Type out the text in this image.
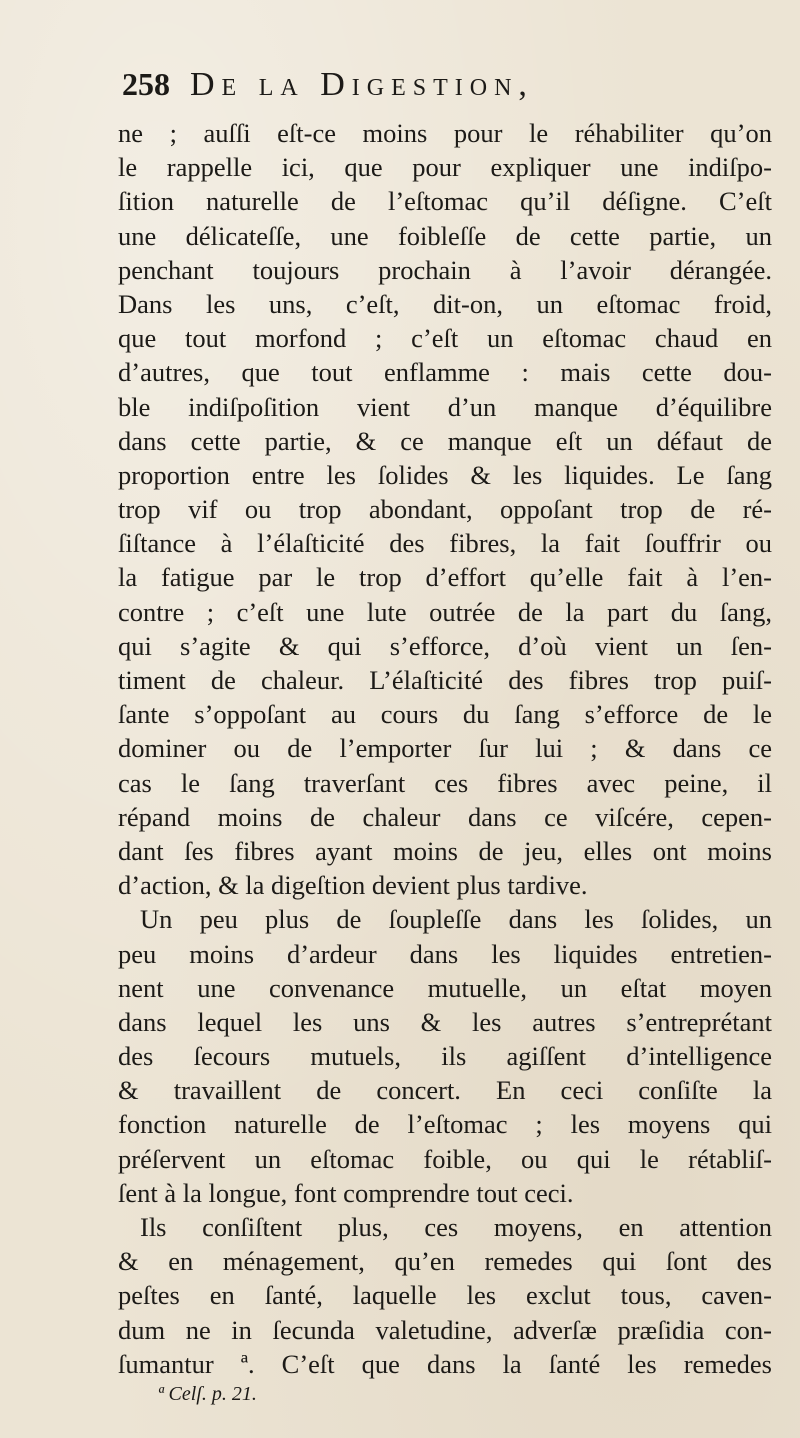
258 De la Digestion,
ne ; auſſi eſt-ce moins pour le réhabiliter qu’on
le rappelle ici, que pour expliquer une indiſpo-
ſition naturelle de l’eſtomac qu’il déſigne. C’eſt
une délicateſſe, une foibleſſe de cette partie, un
penchant toujours prochain à l’avoir dérangée.
Dans les uns, c’eſt, dit-on, un eſtomac froid,
que tout morfond ; c’eſt un eſtomac chaud en
d’autres, que tout enflamme : mais cette dou-
ble indiſpoſition vient d’un manque d’équilibre
dans cette partie, & ce manque eſt un défaut de
proportion entre les ſolides & les liquides. Le ſang
trop vif ou trop abondant, oppoſant trop de ré-
ſiſtance à l’élaſticité des fibres, la fait ſouffrir ou
la fatigue par le trop d’effort qu’elle fait à l’en-
contre ; c’eſt une lute outrée de la part du ſang,
qui s’agite & qui s’efforce, d’où vient un ſen-
timent de chaleur. L’élaſticité des fibres trop puiſ-
ſante s’oppoſant au cours du ſang s’efforce de le
dominer ou de l’emporter ſur lui ; & dans ce
cas le ſang traverſant ces fibres avec peine, il
répand moins de chaleur dans ce viſcére, cepen-
dant ſes fibres ayant moins de jeu, elles ont moins
d’action, & la digeſtion devient plus tardive.
Un peu plus de ſoupleſſe dans les ſolides, un
peu moins d’ardeur dans les liquides entretien-
nent une convenance mutuelle, un eſtat moyen
dans lequel les uns & les autres s’entreprétant
des ſecours mutuels, ils agiſſent d’intelligence
& travaillent de concert. En ceci conſiſte la
fonction naturelle de l’eſtomac ; les moyens qui
préſervent un eſtomac foible, ou qui le rétabliſ-
ſent à la longue, font comprendre tout ceci.
Ils conſiſtent plus, ces moyens, en attention
& en ménagement, qu’en remedes qui ſont des
peſtes en ſanté, laquelle les exclut tous, caven-
dum ne in ſecunda valetudine, adverſæ præſidia con-
ſumantur ª. C’eſt que dans la ſanté les remedes
ª Celſ. p. 21.
